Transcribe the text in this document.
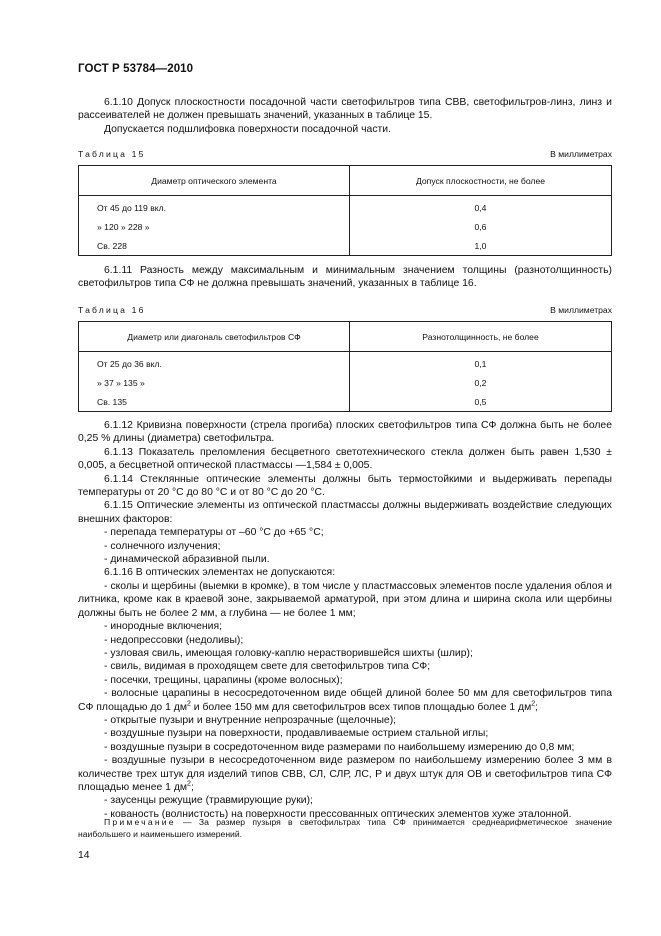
ГОСТ Р 53784—2010

6.1.10 Допуск плоскостности посадочной части светофильтров типа СВВ, светофильтров-линз, линз и рассеивателей не должен превышать значений, указанных в таблице 15.

Допускается подшлифовка поверхности посадочной части.

Таблица 15	В миллиметрах
Диаметр оптического элемента	Допуск плоскостности, не более
От 45 до 119 вкл.	0,4
» 120 » 228 »	0,6
Св. 228	1,0

6.1.11 Разность между максимальным и минимальным значением толщины (разнотолщинность) светофильтров типа СФ не должна превышать значений, указанных в таблице 16.

Таблица 16	В миллиметрах
Диаметр или диагональ светофильтров СФ	Разнотолщинность, не более
От 25 до 36 вкл.	0,1
» 37 » 135 »	0,2
Св. 135	0,5

6.1.12 Кривизна поверхности (стрела прогиба) плоских светофильтров типа СФ должна быть не более 0,25 % длины (диаметра) светофильтра.

6.1.13 Показатель преломления бесцветного светотехнического стекла должен быть равен 1,530 ± 0,005, а бесцветной оптической пластмассы —1,584 ± 0,005.

6.1.14 Стеклянные оптические элементы должны быть термостойкими и выдерживать перепады температуры от 20 °С до 80 °С и от 80 °С до 20 °С.

6.1.15 Оптические элементы из оптической пластмассы должны выдерживать воздействие следующих внешних факторов:

- перепада температуры от –60 °С до +65 °С;

- солнечного излучения;

- динамической абразивной пыли.

6.1.16 В оптических элементах не допускаются:

- сколы и щербины (выемки в кромке), в том числе у пластмассовых элементов после удаления облоя и литника, кроме как в краевой зоне, закрываемой арматурой, при этом длина и ширина скола или щербины должны быть не более 2 мм, а глубина — не более 1 мм;

- инородные включения;

- недопрессовки (недоливы);

- узловая свиль, имеющая головку-каплю нерастворившейся шихты (шлир);

- свиль, видимая в проходящем свете для светофильтров типа СФ;

- посечки, трещины, царапины (кроме волосных);

- волосные царапины в несосредоточенном виде общей длиной более 50 мм для светофильтров типа СФ площадью до 1 $дм^2$ и более 150 мм для светофильтров всех типов площадью более 1 $дм^2$;

- открытые пузыри и внутренние непрозрачные (щелочные);

- воздушные пузыри на поверхности, продавливаемые острием стальной иглы;

- воздушные пузыри в сосредоточенном виде размерами по наибольшему измерению до 0,8 мм;

- воздушные пузыри в несосредоточенном виде размером по наибольшему измерению более 3 мм в количестве трех штук для изделий типов СВВ, СЛ, СЛР, ЛС, Р и двух штук для ОВ и светофильтров типа СФ площадью менее 1 $дм^2$;

- заусенцы режущие (травмирующие руки);

- кованость (волнистость) на поверхности прессованных оптических элементов хуже эталонной.

Примечание — За размер пузыря в светофильтрах типа СФ принимается среднеарифметическое значение наибольшего и наименьшего измерений.
14
